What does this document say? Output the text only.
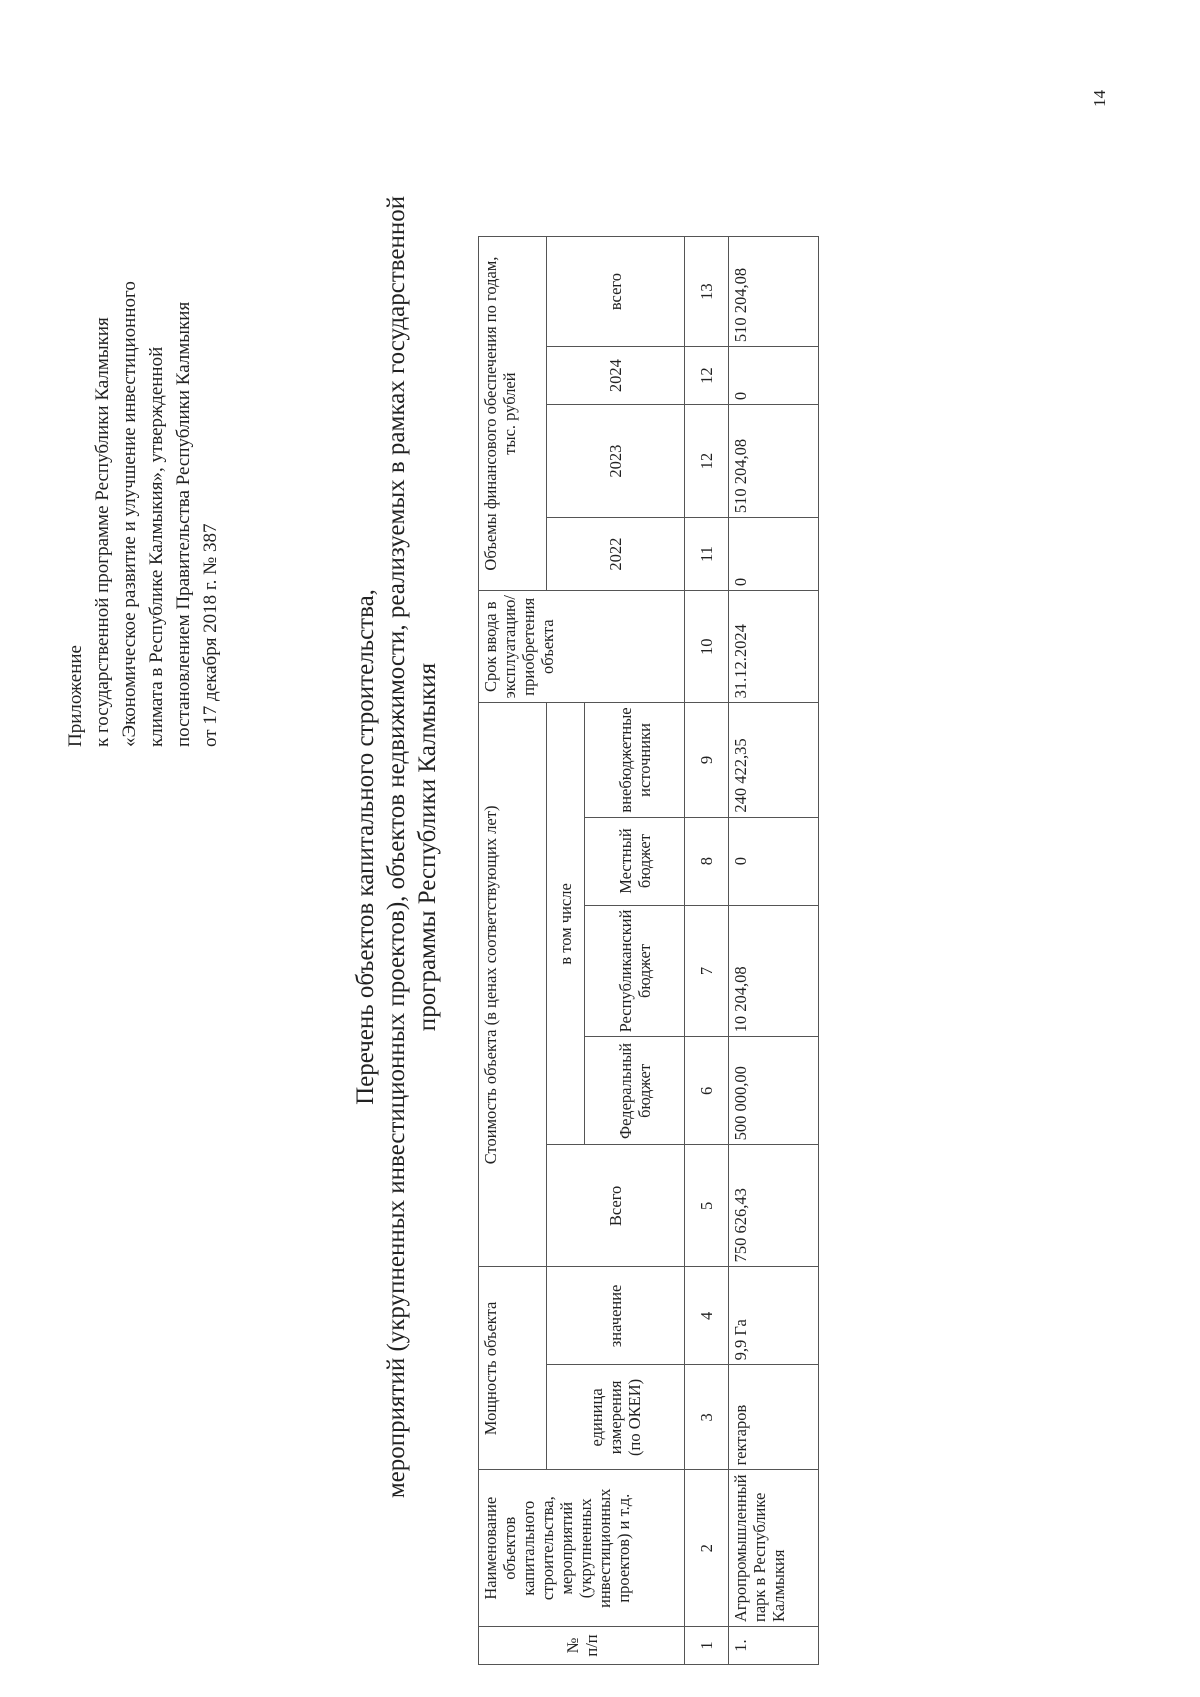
Приложение к государственной программе Республики Калмыкия «Экономическое развитие и улучшение инвестиционного климата в Республике Калмыкия», утвержденной постановлением Правительства Республики Калмыкия от 17 декабря 2018 г. № 387	Перечень объектов капитального строительства, мероприятий (укрупненных инвестиционных проектов), объектов недвижимости, реализуемых в рамках государственной программы Республики Калмыкия
№ п/п	Наименование объектов капитального строительства, мероприятий (укрупненных инвестиционных проектов) и т.д.	Мощность объекта		Стоимость объекта (в ценах соответствующих лет)					Срок ввода в эксплуатацию/приобретения объекта	Объемы финансового обеспечения по годам, тыс. рублей			
		единица измерения (по ОКЕИ)	значение	Всего	в том числе					2022	2023	2024	всего
					Федеральный бюджет	Республиканский бюджет	Местный бюджет	внебюджетные источники					
1	2	3	4	5	6	7	8	9	10	11	12	12	13
1.	Агропромышленный парк в Республике Калмыкия	гектаров	9,9 Га	750 626,43	500 000,00	10 204,08	0	240 422,35	31.12.2024	0	510 204,08	0	510 204,08
14
